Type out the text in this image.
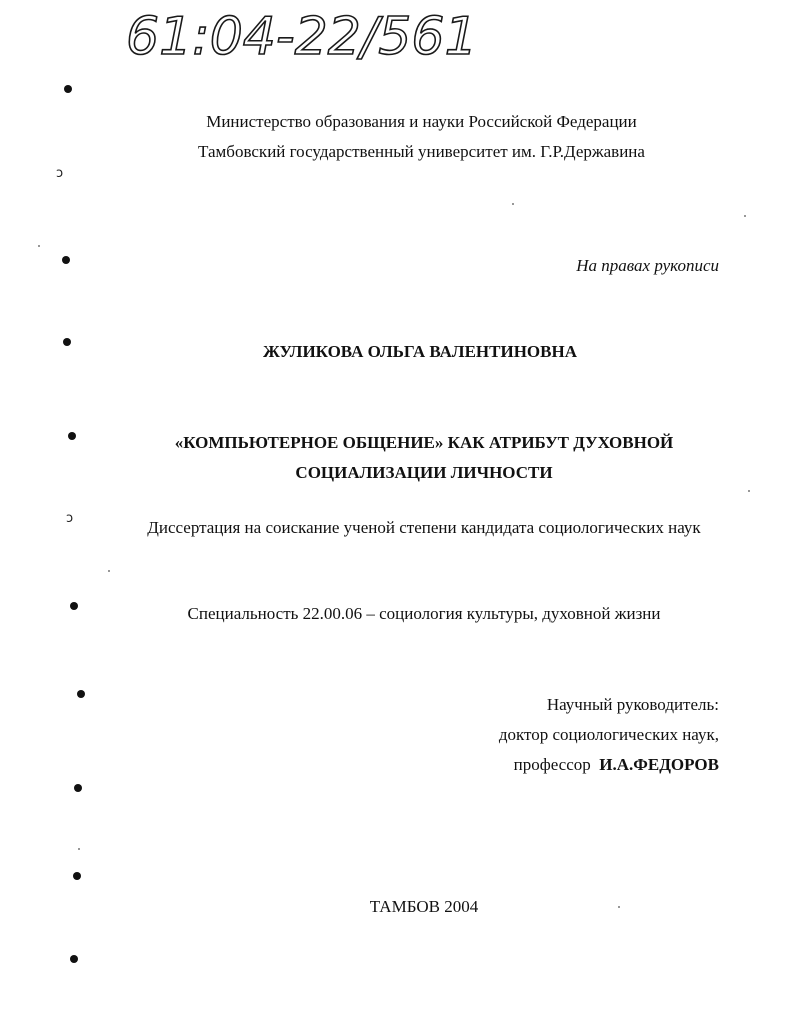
61:04-22/561
Министерство образования и науки Российской Федерации
Тамбовский государственный университет им. Г.Р.Державина
На правах рукописи
ЖУЛИКОВА ОЛЬГА ВАЛЕНТИНОВНА
«КОМПЬЮТЕРНОЕ ОБЩЕНИЕ» КАК АТРИБУТ ДУХОВНОЙ
СОЦИАЛИЗАЦИИ ЛИЧНОСТИ
Диссертация на соискание ученой степени кандидата социологических наук
Специальность 22.00.06 – социология культуры, духовной жизни
Научный руководитель:
доктор социологических наук,
профессор И.А.ФЕДОРОВ
ТАМБОВ 2004
ɔ
ɔ
